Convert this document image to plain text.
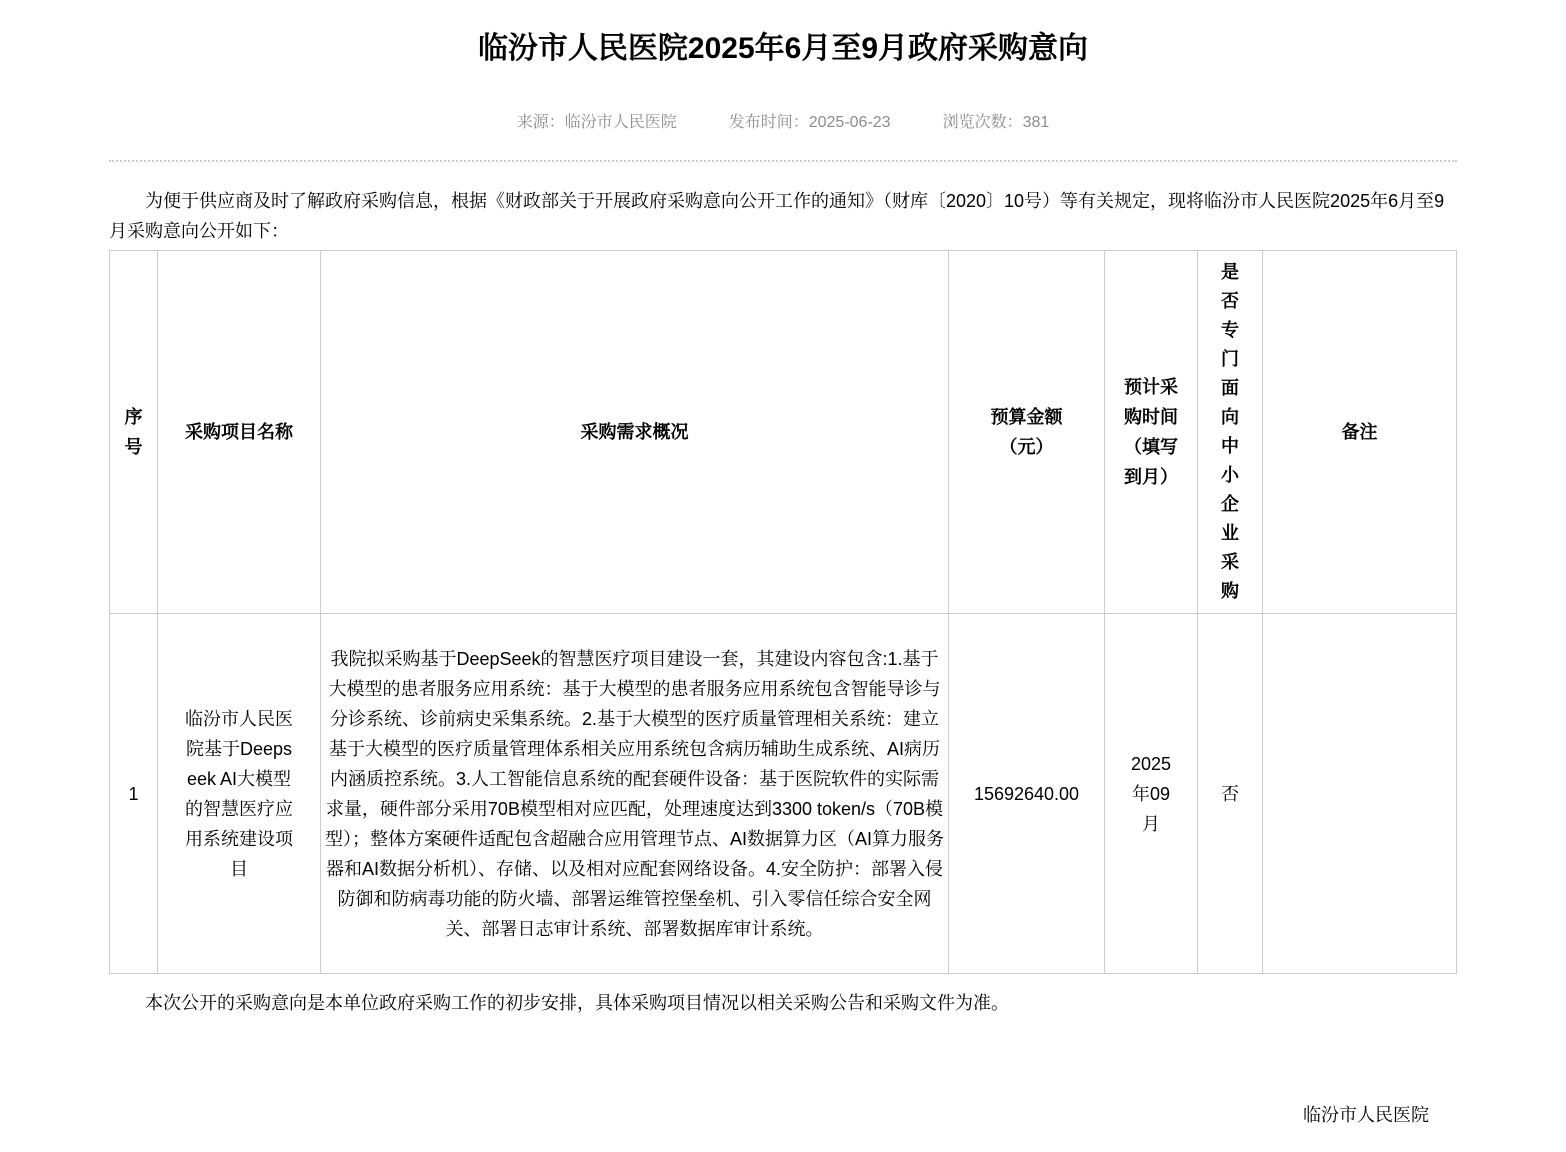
临汾市人民医院2025年6月至9月政府采购意向
来源：临汾市人民医院	发布时间：2025-06-23	浏览次数：381

为便于供应商及时了解政府采购信息，根据《财政部关于开展政府采购意向公开工作的通知》（财库〔2020〕10号）等有关规定，现将临汾市人民医院2025年6月至9月采购意向公开如下：

序号	采购项目名称	采购需求概况	预算金额（元）	预计采购时间（填写到月）	是否专门面向中小企业采购	备注

1	临汾市人民医院基于Deepseek AI大模型的智慧医疗应用系统建设项目	我院拟采购基于DeepSeek的智慧医疗项目建设一套，其建设内容包含:1.基于大模型的患者服务应用系统：基于大模型的患者服务应用系统包含智能导诊与分诊系统、诊前病史采集系统。2.基于大模型的医疗质量管理相关系统：建立基于大模型的医疗质量管理体系相关应用系统包含病历辅助生成系统、AI病历内涵质控系统。3.人工智能信息系统的配套硬件设备：基于医院软件的实际需求量，硬件部分采用70B模型相对应匹配，处理速度达到3300 token/s（70B模型）；整体方案硬件适配包含超融合应用管理节点、AI数据算力区（AI算力服务器和AI数据分析机）、存储、以及相对应配套网络设备。4.安全防护：部署入侵防御和防病毒功能的防火墙、部署运维管控堡垒机、引入零信任综合安全网关、部署日志审计系统、部署数据库审计系统。	15692640.00	2025年09月	否	

本次公开的采购意向是本单位政府采购工作的初步安排，具体采购项目情况以相关采购公告和采购文件为准。

临汾市人民医院
